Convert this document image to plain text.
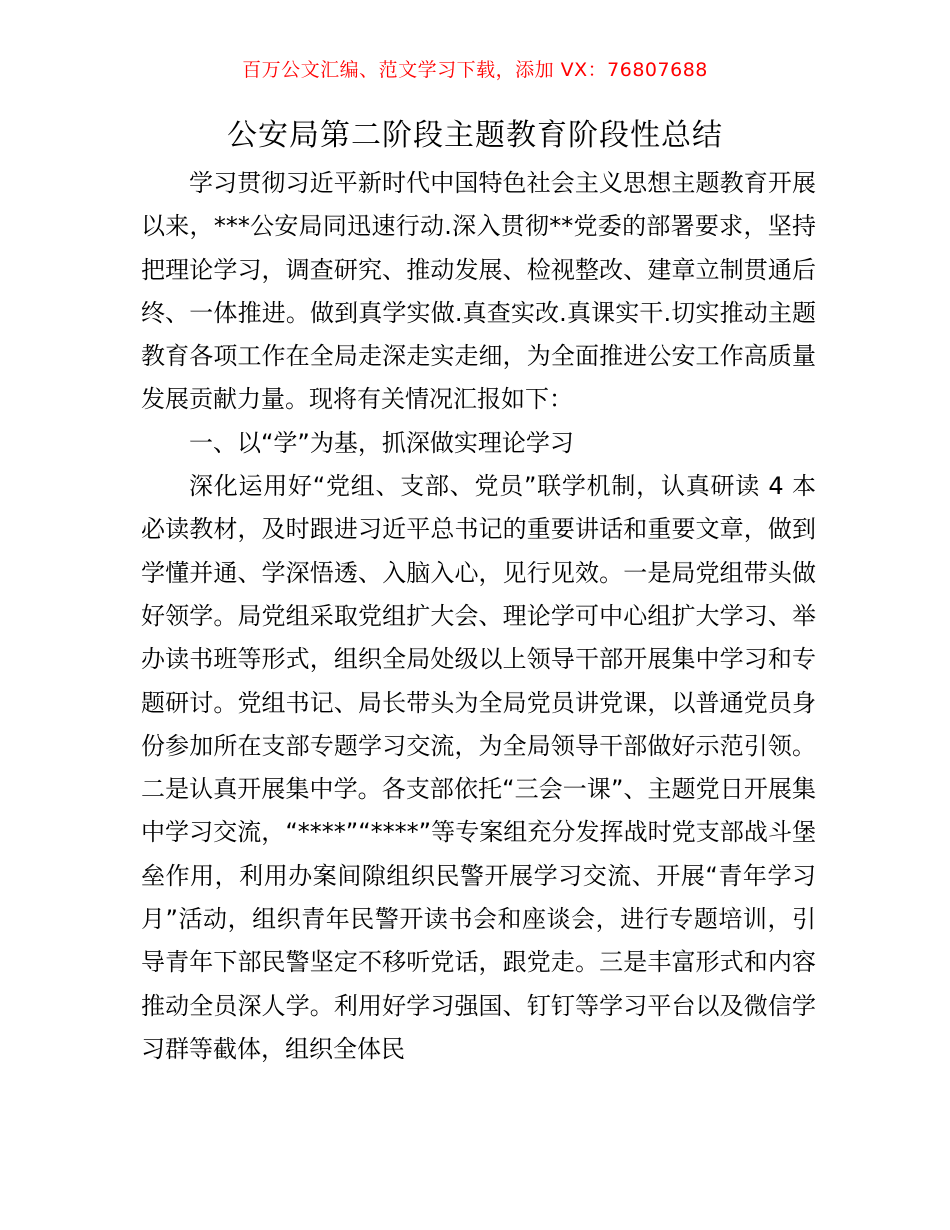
百万公文汇编、范文学习下载，添加 VX：76807688
公安局第二阶段主题教育阶段性总结

学习贯彻习近平新时代中国特色社会主义思想主题教育开展以来，***公安局同迅速行动.深入贯彻**党委的部署要求，坚持把理论学习，调查研究、推动发展、检视整改、建章立制贯通后终、一体推进。做到真学实做.真查实改.真课实干.切实推动主题教育各项工作在全局走深走实走细，为全面推进公安工作高质量发展贡献力量。现将有关情况汇报如下：

一、以“学”为基，抓深做实理论学习

深化运用好“党组、支部、党员”联学机制，认真研读 4 本必读教材，及时跟进习近平总书记的重要讲话和重要文章，做到学懂并通、学深悟透、入脑入心，见行见效。一是局党组带头做好领学。局党组采取党组扩大会、理论学可中心组扩大学习、举办读书班等形式，组织全局处级以上领导干部开展集中学习和专题研讨。党组书记、局长带头为全局党员讲党课，以普通党员身份参加所在支部专题学习交流，为全局领导干部做好示范引领。二是认真开展集中学。各支部依托“三会一课”、主题党日开展集中学习交流，“****”“****”等专案组充分发挥战时党支部战斗堡垒作用，利用办案间隙组织民警开展学习交流、开展“青年学习月”活动，组织青年民警开读书会和座谈会，进行专题培训，引导青年下部民警坚定不移听党话，跟党走。三是丰富形式和内容推动全员深人学。利用好学习强国、钉钉等学习平台以及微信学习群等截体，组织全体民
